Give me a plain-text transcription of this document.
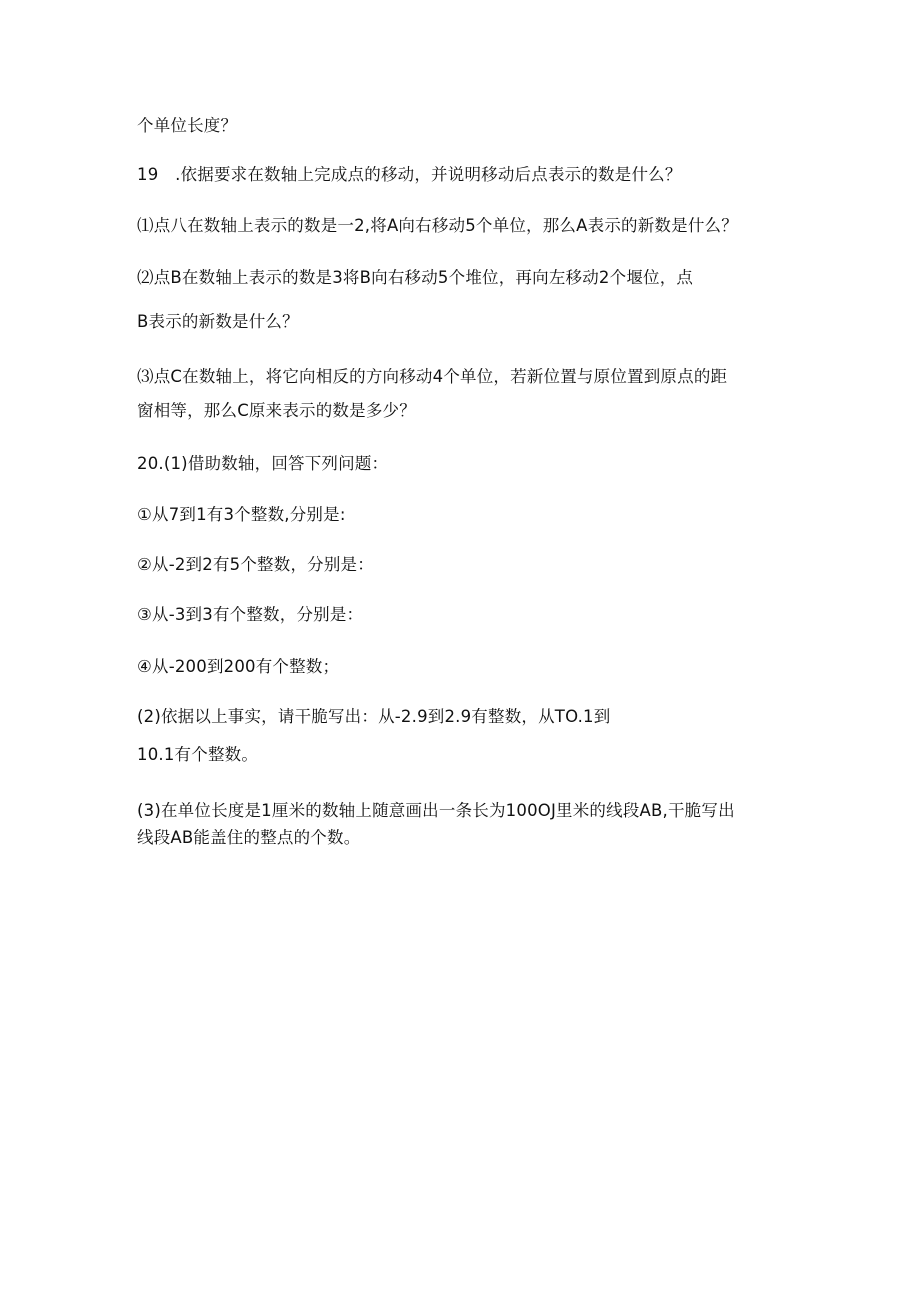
个单位长度？
19　.依据要求在数轴上完成点的移动，并说明移动后点表示的数是什么？
⑴点八在数轴上表示的数是一2,将A向右移动5个单位，那么A表示的新数是什么？
⑵点B在数轴上表示的数是3将B向右移动5个堆位，再向左移动2个堰位，点
B表示的新数是什么？
⑶点C在数轴上，将它向相反的方向移动4个单位，若新位置与原位置到原点的距
窗相等，那么C原来表示的数是多少？
20.(1)借助数轴，回答下列问题：
①从7到1有3个整数,分别是:
②从-2到2有5个整数，分别是：
③从-3到3有个整数，分别是：
④从-200到200有个整数；
(2)依据以上事实，请干脆写出：从-2.9到2.9有整数，从TO.1到
10.1有个整数。
(3)在单位长度是1厘米的数轴上随意画出一条长为100OJ里米的线段AB,干脆写出
线段AB能盖住的整点的个数。
